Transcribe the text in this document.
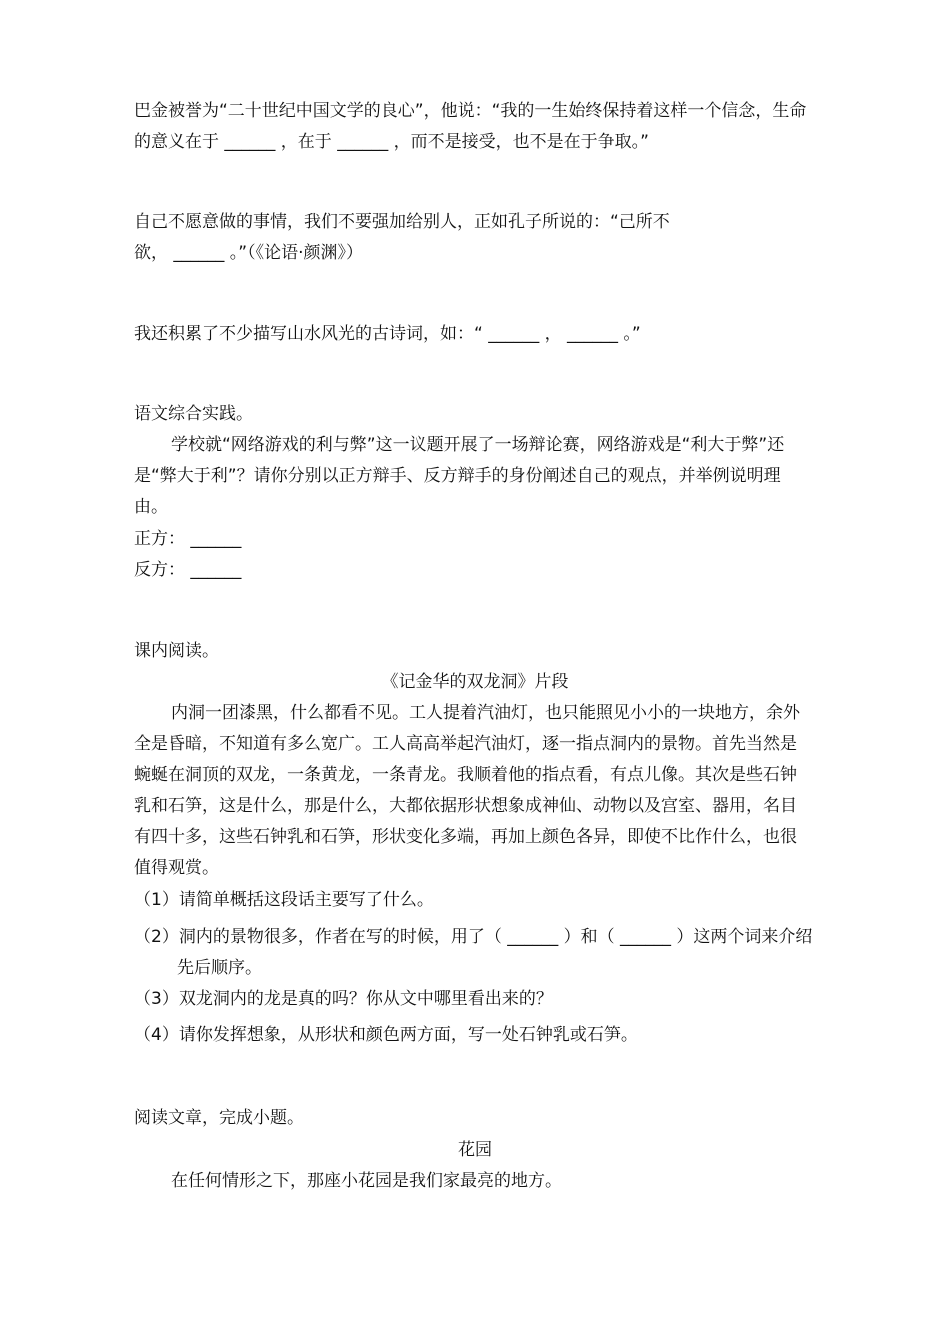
巴金被誉为“二十世纪中国文学的良心”，他说：“我的一生始终保持着这样一个信念，生命
的意义在于 ______ ，在于 ______ ，而不是接受，也不是在于争取。”
自己不愿意做的事情，我们不要强加给别人，正如孔子所说的：“己所不
欲， ______ 。”（《论语·颜渊》）
我还积累了不少描写山水风光的古诗词，如：“ ______ ， ______ 。”
语文综合实践。
学校就“网络游戏的利与弊”这一议题开展了一场辩论赛，网络游戏是“利大于弊”还
是“弊大于利”？请你分别以正方辩手、反方辩手的身份阐述自己的观点，并举例说明理
由。
正方： ______
反方： ______
课内阅读。
《记金华的双龙洞》片段
内洞一团漆黑，什么都看不见。工人提着汽油灯，也只能照见小小的一块地方，余外
全是昏暗，不知道有多么宽广。工人高高举起汽油灯，逐一指点洞内的景物。首先当然是
蜿蜒在洞顶的双龙，一条黄龙，一条青龙。我顺着他的指点看，有点儿像。其次是些石钟
乳和石笋，这是什么，那是什么，大都依据形状想象成神仙、动物以及宫室、器用，名目
有四十多，这些石钟乳和石笋，形状变化多端，再加上颜色各异，即使不比作什么，也很
值得观赏。
（1）请简单概括这段话主要写了什么。
（2）洞内的景物很多，作者在写的时候，用了（ ______ ）和（ ______ ）这两个词来介绍
先后顺序。
（3）双龙洞内的龙是真的吗？你从文中哪里看出来的？
（4）请你发挥想象，从形状和颜色两方面，写一处石钟乳或石笋。
阅读文章，完成小题。
花园
在任何情形之下，那座小花园是我们家最亮的地方。
